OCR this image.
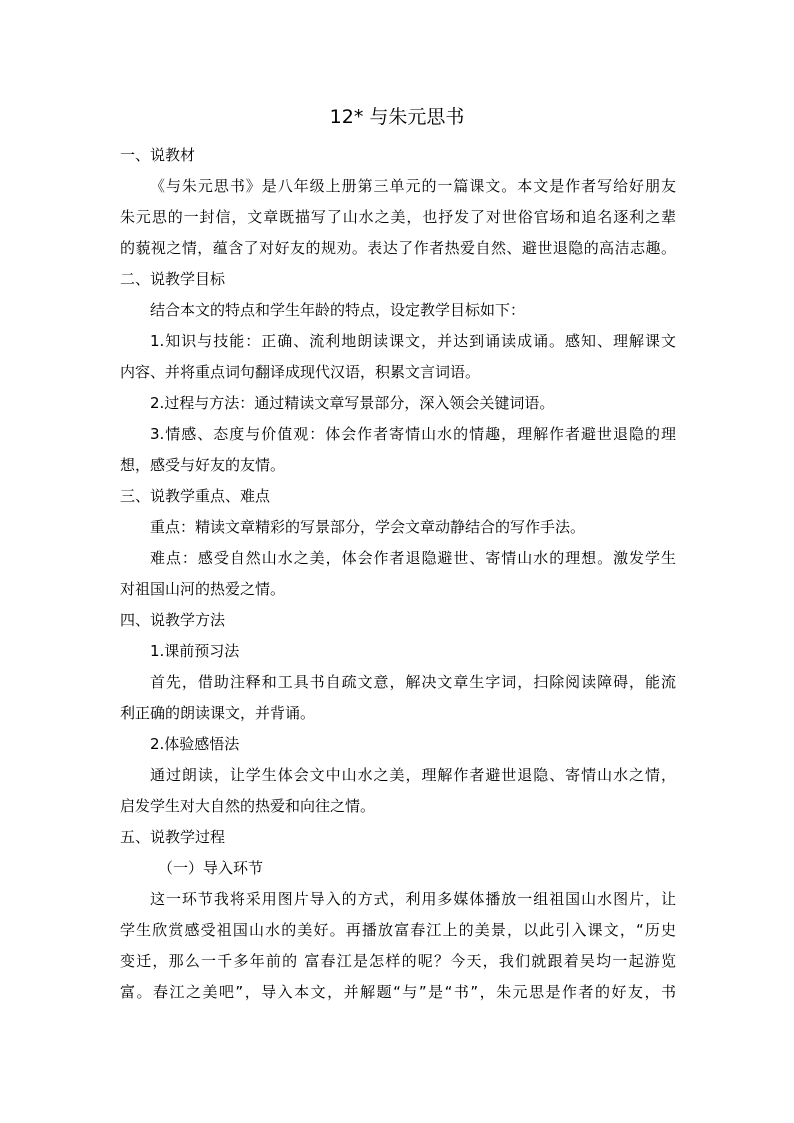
12* 与朱元思书
一、说教材
《与朱元思书》是八年级上册第三单元的一篇课文。本文是作者写给好朋友
朱元思的一封信，文章既描写了山水之美，也抒发了对世俗官场和追名逐利之辈
的藐视之情，蕴含了对好友的规劝。表达了作者热爱自然、避世退隐的高洁志趣。
二、说教学目标
结合本文的特点和学生年龄的特点，设定教学目标如下：
1.知识与技能：正确、流利地朗读课文，并达到诵读成诵。感知、理解课文
内容、并将重点词句翻译成现代汉语，积累文言词语。
2.过程与方法：通过精读文章写景部分，深入领会关键词语。
3.情感、态度与价值观：体会作者寄情山水的情趣，理解作者避世退隐的理
想，感受与好友的友情。
三、说教学重点、难点
重点：精读文章精彩的写景部分，学会文章动静结合的写作手法。
难点：感受自然山水之美，体会作者退隐避世、寄情山水的理想。激发学生
对祖国山河的热爱之情。
四、说教学方法
1.课前预习法
首先，借助注释和工具书自疏文意，解决文章生字词，扫除阅读障碍，能流
利正确的朗读课文，并背诵。
2.体验感悟法
通过朗读，让学生体会文中山水之美，理解作者避世退隐、寄情山水之情，
启发学生对大自然的热爱和向往之情。
五、说教学过程
（一）导入环节
这一环节我将采用图片导入的方式，利用多媒体播放一组祖国山水图片，让
学生欣赏感受祖国山水的美好。再播放富春江上的美景，以此引入课文，“历史
变迁，那么一千多年前的 富春江是怎样的呢？今天，我们就跟着吴均一起游览
富。春江之美吧”，导入本文，并解题“与”是“书”，朱元思是作者的好友，书
